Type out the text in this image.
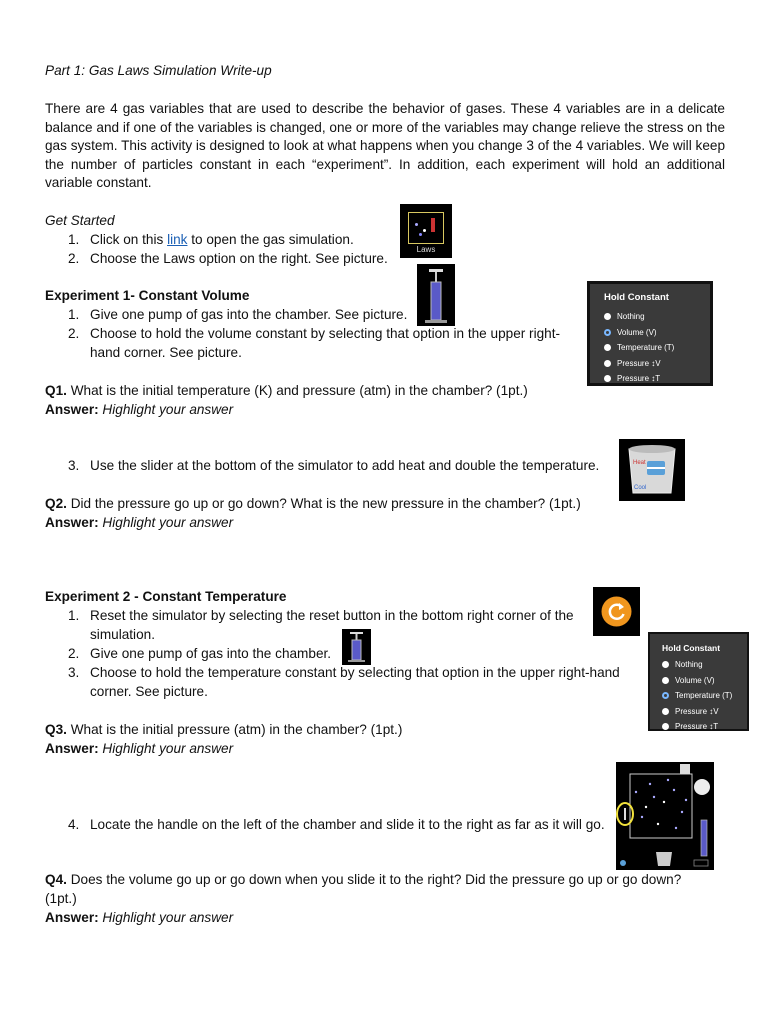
Part 1: Gas Laws Simulation Write-up
There are 4 gas variables that are used to describe the behavior of gases. These 4 variables are in a delicate balance and if one of the variables is changed, one or more of the variables may change relieve the stress on the gas system. This activity is designed to look at what happens when you change 3 of the 4 variables. We will keep the number of particles constant in each “experiment”. In addition, each experiment will hold an additional variable constant.
Get Started
1. Click on this link to open the gas simulation.
2. Choose the Laws option on the right. See picture.
Laws
Experiment 1- Constant Volume
1. Give one pump of gas into the chamber. See picture.
2. Choose to hold the volume constant by selecting that option in the upper right-
hand corner. See picture.
Hold Constant
Nothing
Volume (V)
Temperature (T)
Pressure ↕V
Pressure ↕T
Q1. What is the initial temperature (K) and pressure (atm) in the chamber? (1pt.)
Answer: Highlight your answer
3. Use the slider at the bottom of the simulator to add heat and double the temperature.	Heat
Cool
Q2. Did the pressure go up or go down? What is the new pressure in the chamber? (1pt.)
Answer: Highlight your answer
Experiment 2 - Constant Temperature
1. Reset the simulator by selecting the reset button in the bottom right corner of the
simulation.
2. Give one pump of gas into the chamber.
3. Choose to hold the temperature constant by selecting that option in the upper right-hand
corner. See picture.
Hold Constant
Nothing
Volume (V)
Temperature (T)
Pressure ↕V
Pressure ↕T
Q3. What is the initial pressure (atm) in the chamber? (1pt.)
Answer: Highlight your answer
4. Locate the handle on the left of the chamber and slide it to the right as far as it will go.
Q4. Does the volume go up or go down when you slide it to the right? Did the pressure go up or go down?
(1pt.)
Answer: Highlight your answer
